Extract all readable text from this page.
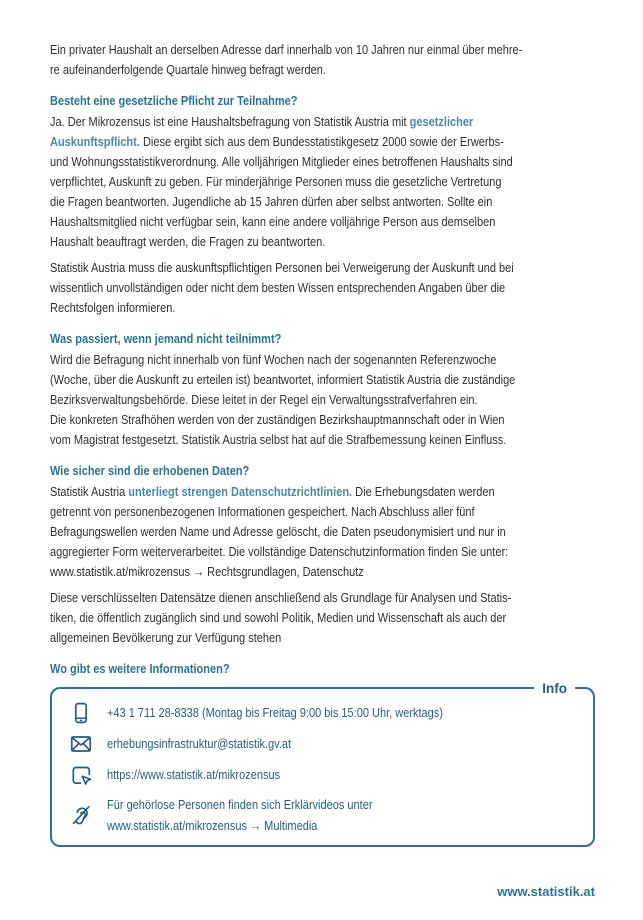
Ein privater Haushalt an derselben Adresse darf innerhalb von 10 Jahren nur einmal über mehre-
re aufeinanderfolgende Quartale hinweg befragt werden.
Besteht eine gesetzliche Pflicht zur Teilnahme?
Ja. Der Mikrozensus ist eine Haushaltsbefragung von Statistik Austria mit gesetzlicher
Auskunftspflicht. Diese ergibt sich aus dem Bundesstatistikgesetz 2000 sowie der Erwerbs-
und Wohnungsstatistikverordnung. Alle volljährigen Mitglieder eines betroffenen Haushalts sind
verpflichtet, Auskunft zu geben. Für minderjährige Personen muss die gesetzliche Vertretung
die Fragen beantworten. Jugendliche ab 15 Jahren dürfen aber selbst antworten. Sollte ein
Haushaltsmitglied nicht verfügbar sein, kann eine andere volljährige Person aus demselben
Haushalt beauftragt werden, die Fragen zu beantworten.
Statistik Austria muss die auskunftspflichtigen Personen bei Verweigerung der Auskunft und bei
wissentlich unvollständigen oder nicht dem besten Wissen entsprechenden Angaben über die
Rechtsfolgen informieren.
Was passiert, wenn jemand nicht teilnimmt?
Wird die Befragung nicht innerhalb von fünf Wochen nach der sogenannten Referenzwoche
(Woche, über die Auskunft zu erteilen ist) beantwortet, informiert Statistik Austria die zuständige
Bezirksverwaltungsbehörde. Diese leitet in der Regel ein Verwaltungsstrafverfahren ein.
Die konkreten Strafhöhen werden von der zuständigen Bezirkshauptmannschaft oder in Wien
vom Magistrat festgesetzt. Statistik Austria selbst hat auf die Strafbemessung keinen Einfluss.
Wie sicher sind die erhobenen Daten?
Statistik Austria unterliegt strengen Datenschutzrichtlinien. Die Erhebungsdaten werden
getrennt von personenbezogenen Informationen gespeichert. Nach Abschluss aller fünf
Befragungswellen werden Name und Adresse gelöscht, die Daten pseudonymisiert und nur in
aggregierter Form weiterverarbeitet. Die vollständige Datenschutzinformation finden Sie unter:
www.statistik.at/mikrozensus → Rechtsgrundlagen, Datenschutz
Diese verschlüsselten Datensätze dienen anschließend als Grundlage für Analysen und Statis-
tiken, die öffentlich zugänglich sind und sowohl Politik, Medien und Wissenschaft als auch der
allgemeinen Bevölkerung zur Verfügung stehen
Wo gibt es weitere Informationen?
Info
+43 1 711 28-8338 (Montag bis Freitag 9:00 bis 15:00 Uhr, werktags)
erhebungsinfrastruktur@statistik.gv.at
https://www.statistik.at/mikrozensus
Für gehörlose Personen finden sich Erklärvideos unter
www.statistik.at/mikrozensus → Multimedia
www.statistik.at
